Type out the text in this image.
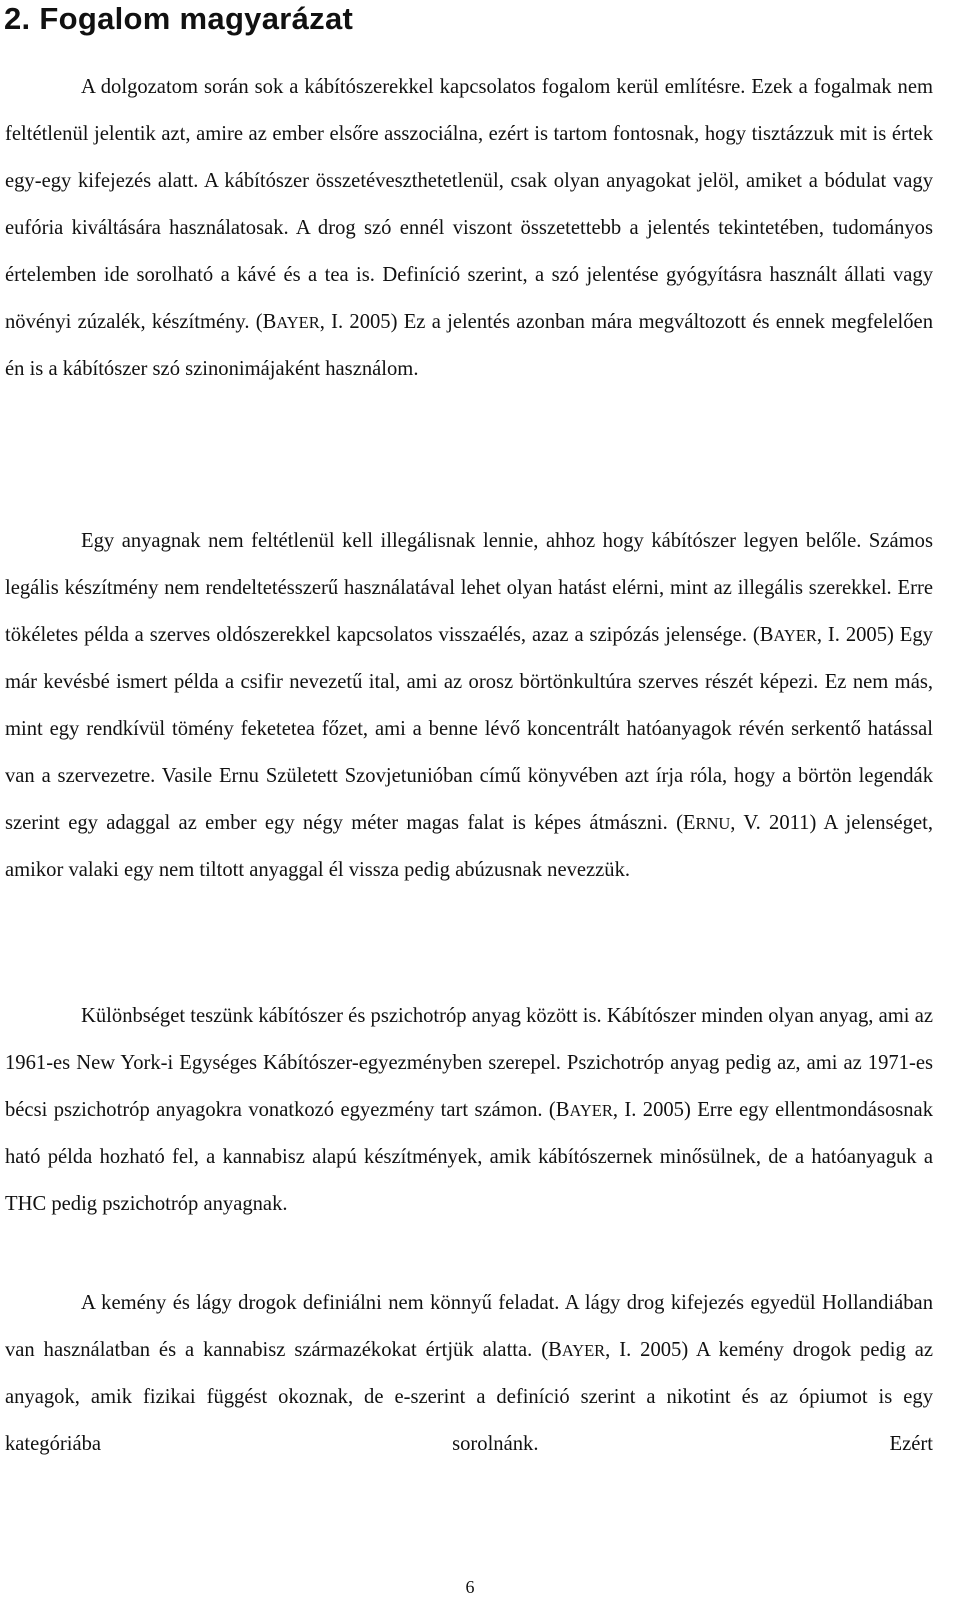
2. Fogalom magyarázat

A dolgozatom során sok a kábítószerekkel kapcsolatos fogalom kerül említésre. Ezek a fogalmak nem feltétlenül jelentik azt, amire az ember elsőre asszociálna, ezért is tartom fontosnak, hogy tisztázzuk mit is értek egy-egy kifejezés alatt. A kábítószer összetéveszthetetlenül, csak olyan anyagokat jelöl, amiket a bódulat vagy eufória kiváltására használatosak. A drog szó ennél viszont összetettebb a jelentés tekintetében, tudományos értelemben ide sorolható a kávé és a tea is. Definíció szerint, a szó jelentése gyógyításra használt állati vagy növényi zúzalék, készítmény. (BAYER, I. 2005) Ez a jelentés azonban mára megváltozott és ennek megfelelően én is a kábítószer szó szinonimájaként használom.

Egy anyagnak nem feltétlenül kell illegálisnak lennie, ahhoz hogy kábítószer legyen belőle. Számos legális készítmény nem rendeltetésszerű használatával lehet olyan hatást elérni, mint az illegális szerekkel. Erre tökéletes példa a szerves oldószerekkel kapcsolatos visszaélés, azaz a szipózás jelensége. (BAYER, I. 2005) Egy már kevésbé ismert példa a csifir nevezetű ital, ami az orosz börtönkultúra szerves részét képezi. Ez nem más, mint egy rendkívül tömény feketetea főzet, ami a benne lévő koncentrált hatóanyagok révén serkentő hatással van a szervezetre. Vasile Ernu Született Szovjetunióban című könyvében azt írja róla, hogy a börtön legendák szerint egy adaggal az ember egy négy méter magas falat is képes átmászni. (ERNU, V. 2011) A jelenséget, amikor valaki egy nem tiltott anyaggal él vissza pedig abúzusnak nevezzük.

Különbséget teszünk kábítószer és pszichotróp anyag között is. Kábítószer minden olyan anyag, ami az 1961-es New York-i Egységes Kábítószer-egyezményben szerepel. Pszichotróp anyag pedig az, ami az 1971-es bécsi pszichotróp anyagokra vonatkozó egyezmény tart számon. (BAYER, I. 2005) Erre egy ellentmondásosnak ható példa hozható fel, a kannabisz alapú készítmények, amik kábítószernek minősülnek, de a hatóanyaguk a THC pedig pszichotróp anyagnak.

A kemény és lágy drogok definiálni nem könnyű feladat. A lágy drog kifejezés egyedül Hollandiában van használatban és a kannabisz származékokat értjük alatta. (BAYER, I. 2005) A kemény drogok pedig az anyagok, amik fizikai függést okoznak, de e-szerint a definíció szerint a nikotint és az ópiumot is egy kategóriába sorolnánk. Ezért

6
